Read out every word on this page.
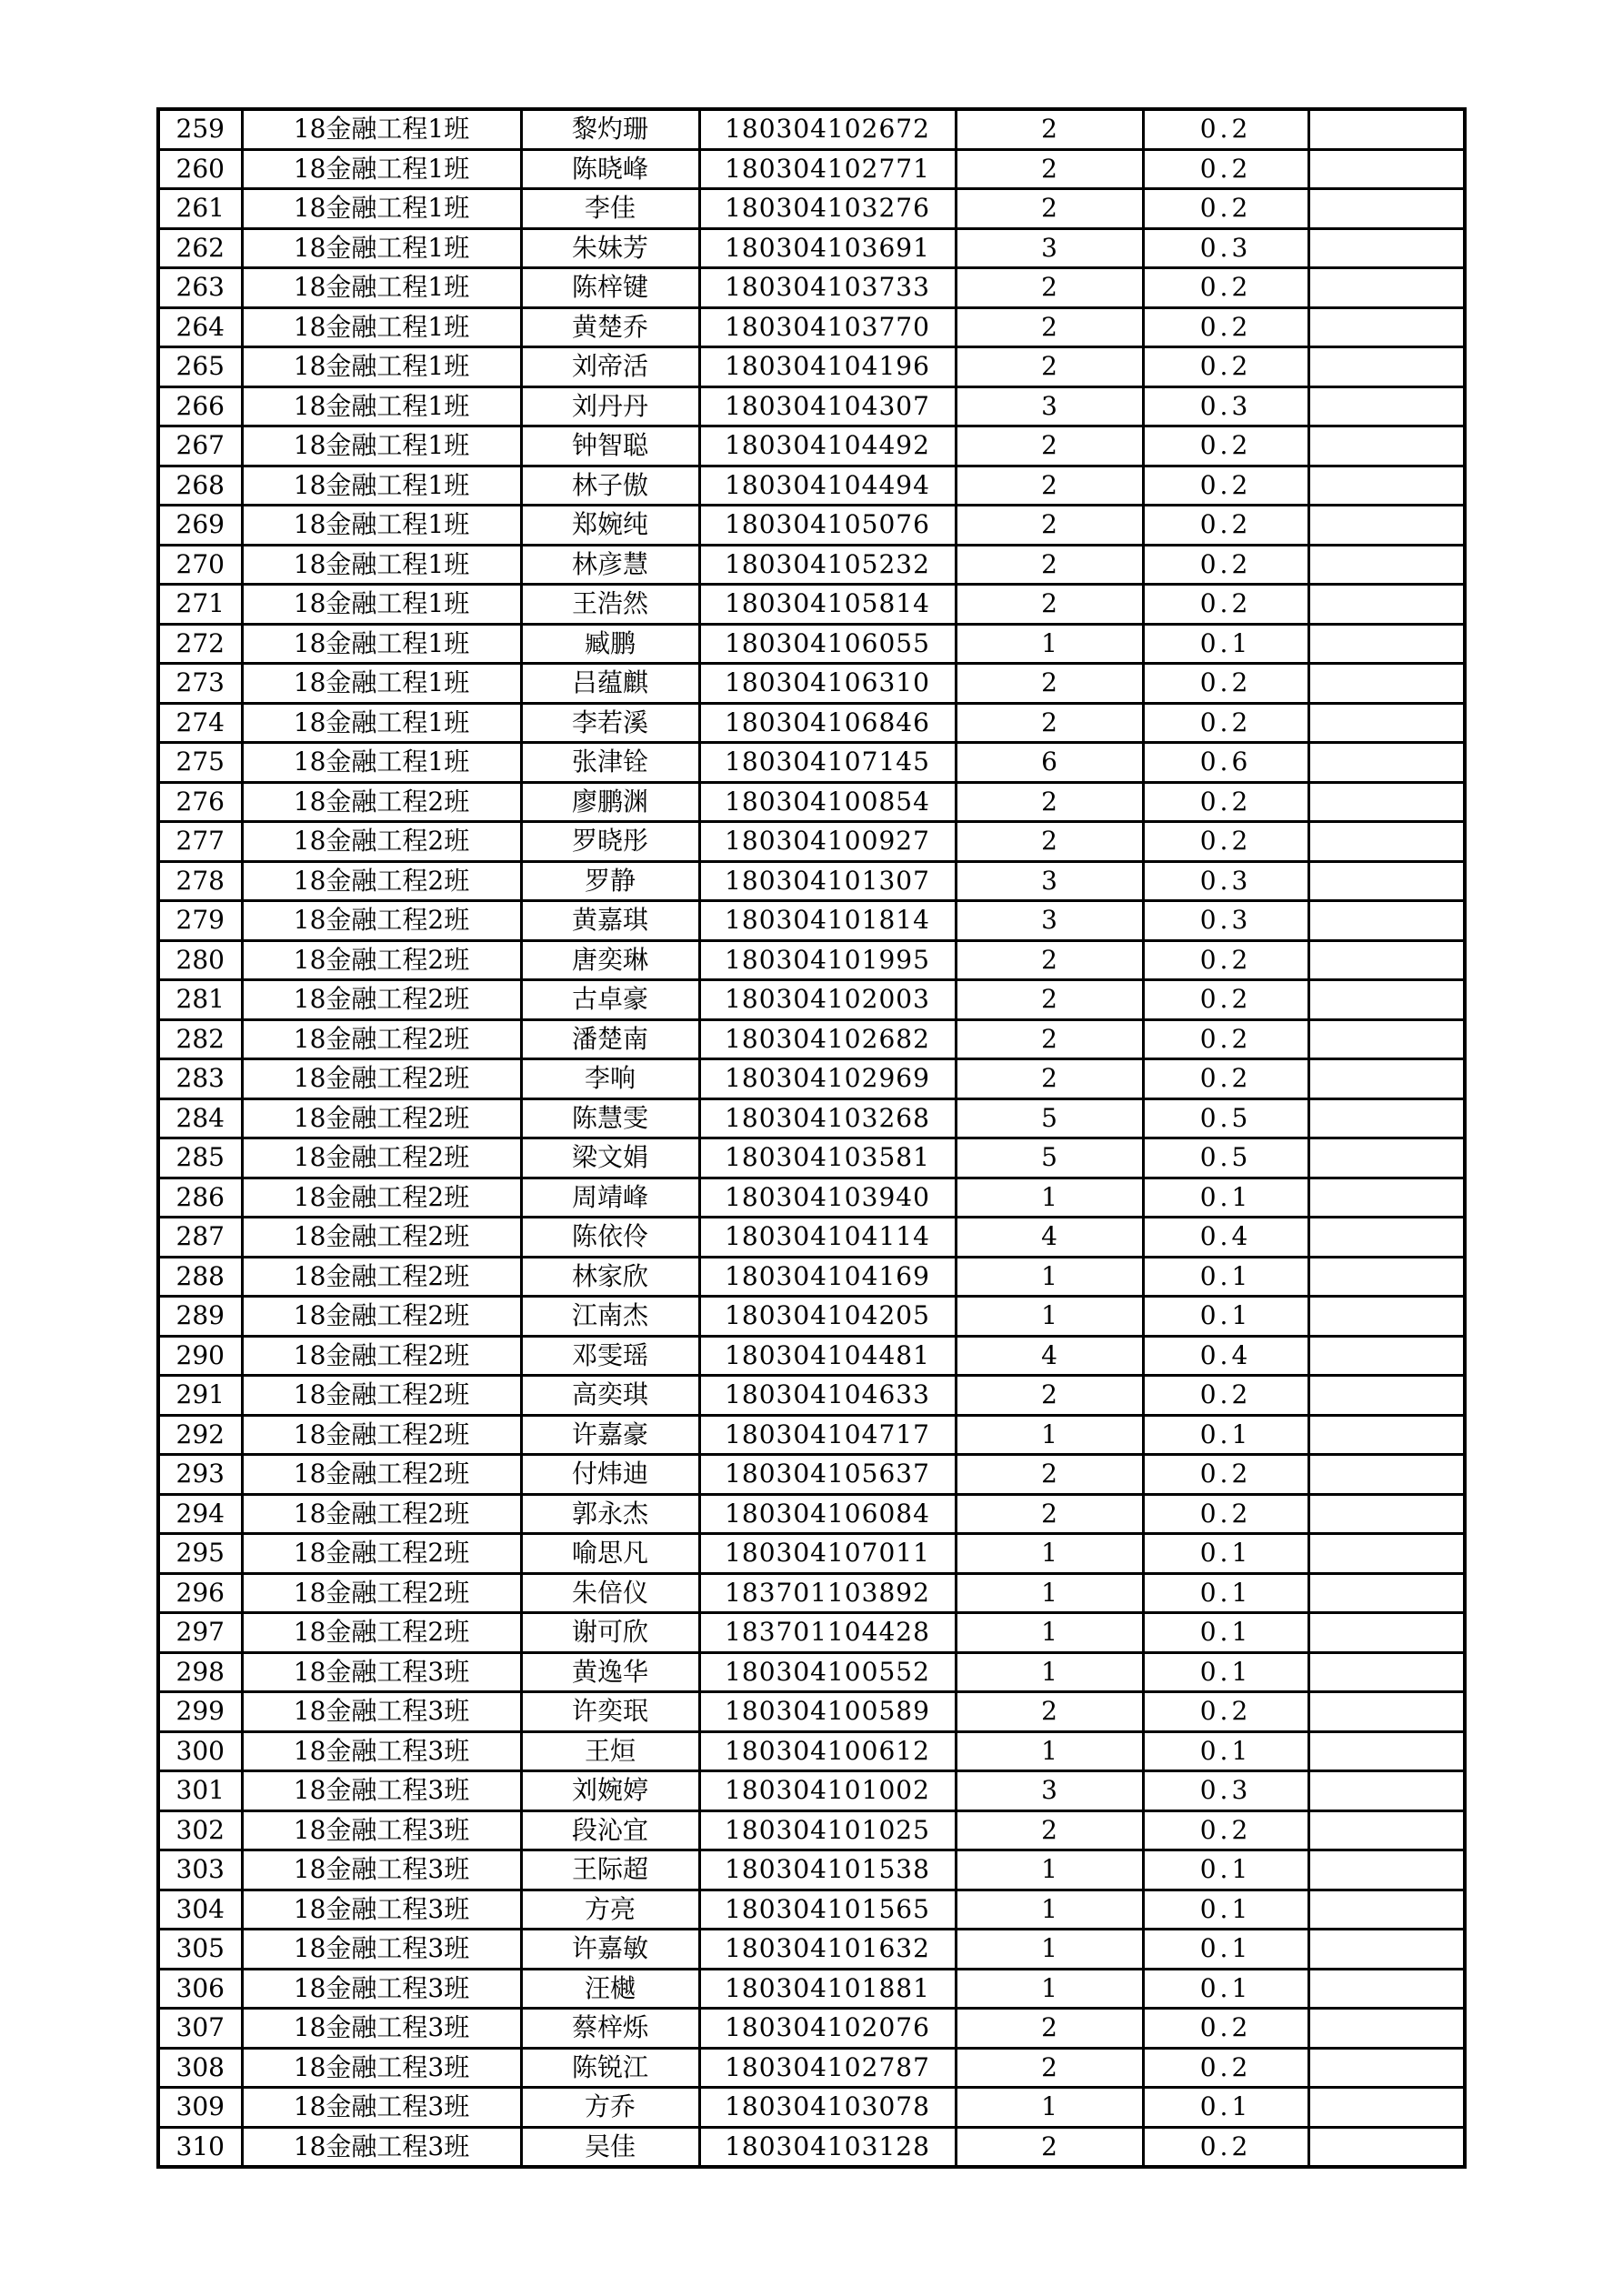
259	18金融工程1班	黎灼珊	180304102672	2	0.2	
260	18金融工程1班	陈晓峰	180304102771	2	0.2	
261	18金融工程1班	李佳	180304103276	2	0.2	
262	18金融工程1班	朱妹芳	180304103691	3	0.3	
263	18金融工程1班	陈梓键	180304103733	2	0.2	
264	18金融工程1班	黄楚乔	180304103770	2	0.2	
265	18金融工程1班	刘帝活	180304104196	2	0.2	
266	18金融工程1班	刘丹丹	180304104307	3	0.3	
267	18金融工程1班	钟智聪	180304104492	2	0.2	
268	18金融工程1班	林子傲	180304104494	2	0.2	
269	18金融工程1班	郑婉纯	180304105076	2	0.2	
270	18金融工程1班	林彦慧	180304105232	2	0.2	
271	18金融工程1班	王浩然	180304105814	2	0.2	
272	18金融工程1班	臧鹏	180304106055	1	0.1	
273	18金融工程1班	吕蕴麒	180304106310	2	0.2	
274	18金融工程1班	李若溪	180304106846	2	0.2	
275	18金融工程1班	张津铨	180304107145	6	0.6	
276	18金融工程2班	廖鹏渊	180304100854	2	0.2	
277	18金融工程2班	罗晓彤	180304100927	2	0.2	
278	18金融工程2班	罗静	180304101307	3	0.3	
279	18金融工程2班	黄嘉琪	180304101814	3	0.3	
280	18金融工程2班	唐奕琳	180304101995	2	0.2	
281	18金融工程2班	古卓豪	180304102003	2	0.2	
282	18金融工程2班	潘楚南	180304102682	2	0.2	
283	18金融工程2班	李响	180304102969	2	0.2	
284	18金融工程2班	陈慧雯	180304103268	5	0.5	
285	18金融工程2班	梁文娟	180304103581	5	0.5	
286	18金融工程2班	周靖峰	180304103940	1	0.1	
287	18金融工程2班	陈依伶	180304104114	4	0.4	
288	18金融工程2班	林家欣	180304104169	1	0.1	
289	18金融工程2班	江南杰	180304104205	1	0.1	
290	18金融工程2班	邓雯瑶	180304104481	4	0.4	
291	18金融工程2班	高奕琪	180304104633	2	0.2	
292	18金融工程2班	许嘉豪	180304104717	1	0.1	
293	18金融工程2班	付炜迪	180304105637	2	0.2	
294	18金融工程2班	郭永杰	180304106084	2	0.2	
295	18金融工程2班	喻思凡	180304107011	1	0.1	
296	18金融工程2班	朱倍仪	183701103892	1	0.1	
297	18金融工程2班	谢可欣	183701104428	1	0.1	
298	18金融工程3班	黄逸华	180304100552	1	0.1	
299	18金融工程3班	许奕珉	180304100589	2	0.2	
300	18金融工程3班	王烜	180304100612	1	0.1	
301	18金融工程3班	刘婉婷	180304101002	3	0.3	
302	18金融工程3班	段沁宜	180304101025	2	0.2	
303	18金融工程3班	王际超	180304101538	1	0.1	
304	18金融工程3班	方亮	180304101565	1	0.1	
305	18金融工程3班	许嘉敏	180304101632	1	0.1	
306	18金融工程3班	汪樾	180304101881	1	0.1	
307	18金融工程3班	蔡梓烁	180304102076	2	0.2	
308	18金融工程3班	陈锐江	180304102787	2	0.2	
309	18金融工程3班	方乔	180304103078	1	0.1	
310	18金融工程3班	吴佳	180304103128	2	0.2	
